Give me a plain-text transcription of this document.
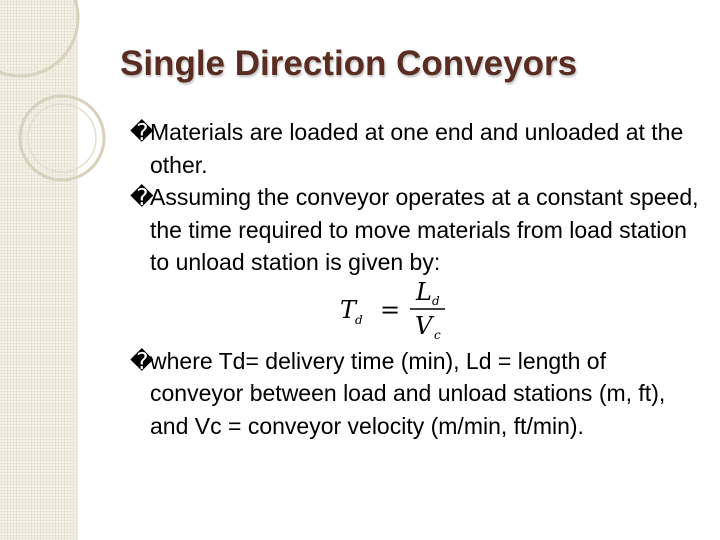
Single Direction Conveyors
�
Materials are loaded at one end and unloaded at the other.
�
Assuming the conveyor operates at a constant speed, the time required to move materials from load station to unload station is given by:
�
where Td= delivery time (min), Ld = length of conveyor between load and unload stations (m, ft), and Vc = conveyor velocity (m/min, ft/min).
T
d =
L d
V c
